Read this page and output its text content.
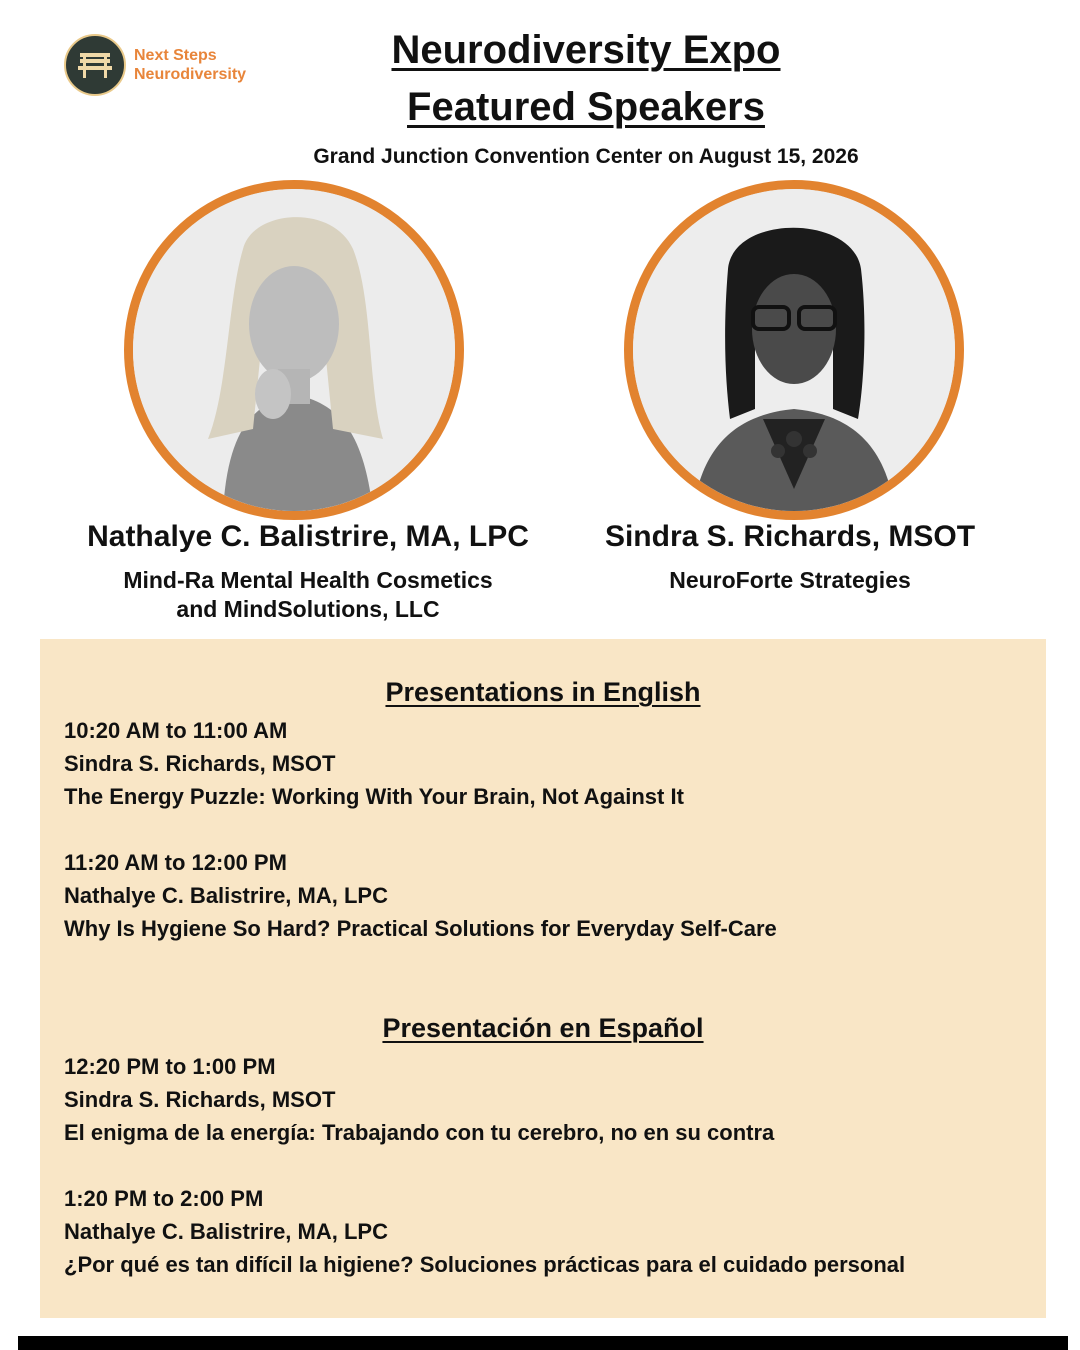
Next Steps
Neurodiversity
Neurodiversity Expo
Featured Speakers
Grand Junction Convention Center on August 15, 2026
Nathalye C. Balistrire, MA, LPC
Mind-Ra Mental Health Cosmetics
and MindSolutions, LLC
Sindra S. Richards, MSOT
NeuroForte Strategies
Presentations in English
10:20 AM to 11:00 AM
Sindra S. Richards, MSOT
The Energy Puzzle: Working With Your Brain, Not Against It
11:20 AM to 12:00 PM
Nathalye C. Balistrire, MA, LPC
Why Is Hygiene So Hard? Practical Solutions for Everyday Self-Care
Presentación en Español
12:20 PM to 1:00 PM
Sindra S. Richards, MSOT
El enigma de la energía: Trabajando con tu cerebro, no en su contra
1:20 PM to 2:00 PM
Nathalye C. Balistrire, MA, LPC
¿Por qué es tan difícil la higiene? Soluciones prácticas para el cuidado personal
